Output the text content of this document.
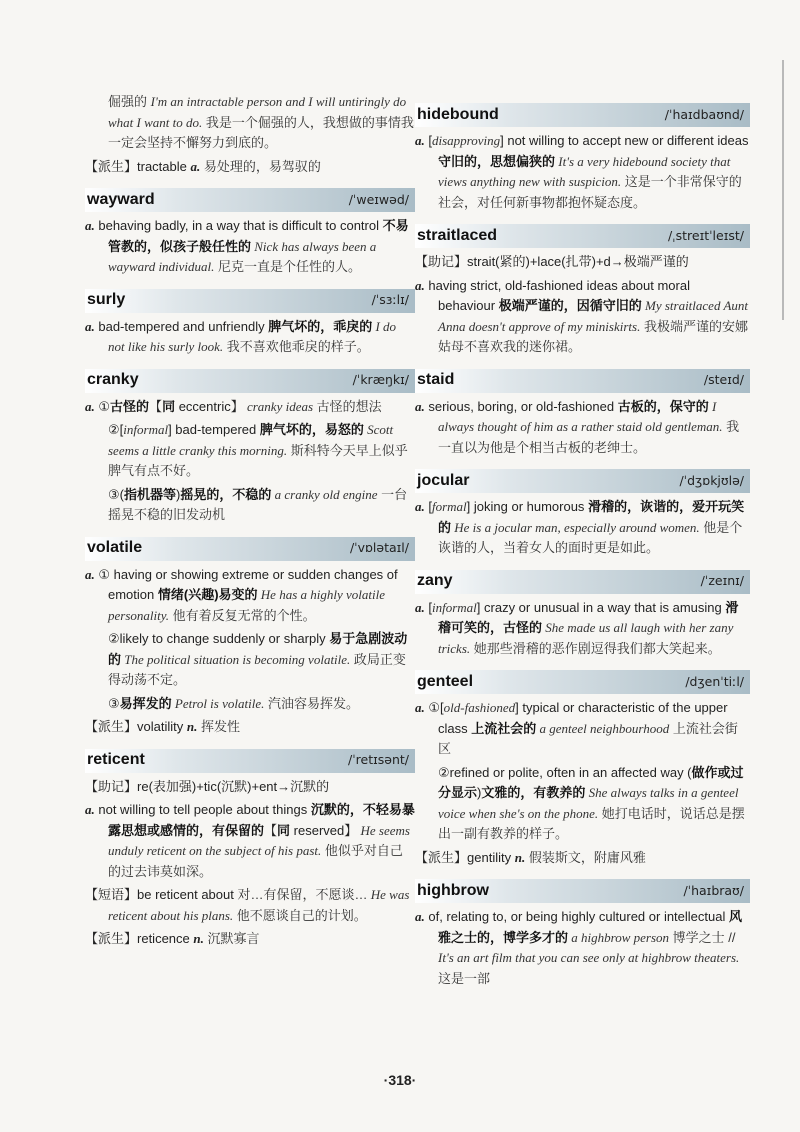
倔强的 I'm an intractable person and I will untiringly do what I want to do. 我是一个倔强的人，我想做的事情我一定会坚持不懈努力到底的。

【派生】tractable a. 易处理的，易驾驭的

wayward	/ˈweɪwəd/

a. behaving badly, in a way that is difficult to control 不易管教的，似孩子般任性的 Nick has always been a wayward individual. 尼克一直是个任性的人。

surly	/ˈsɜːlɪ/

a. bad-tempered and unfriendly 脾气坏的，乖戾的 I do not like his surly look. 我不喜欢他乖戾的样子。

cranky	/ˈkræŋkɪ/

a. ①古怪的【同 eccentric】 cranky ideas 古怪的想法

②[informal] bad-tempered 脾气坏的，易怒的 Scott seems a little cranky this morning. 斯科特今天早上似乎脾气有点不好。

③(指机器等)摇晃的，不稳的 a cranky old engine 一台摇晃不稳的旧发动机

volatile	/ˈvɒlətaɪl/

a. ① having or showing extreme or sudden changes of emotion 情绪(兴趣)易变的 He has a highly volatile personality. 他有着反复无常的个性。

②likely to change suddenly or sharply 易于急剧波动的 The political situation is becoming volatile. 政局正变得动荡不定。

③易挥发的 Petrol is volatile. 汽油容易挥发。

【派生】volatility n. 挥发性

reticent	/ˈretɪsənt/

【助记】re(表加强)+tic(沉默)+ent→沉默的

a. not willing to tell people about things 沉默的，不轻易暴露思想或感情的，有保留的【同 reserved】 He seems unduly reticent on the subject of his past. 他似乎对自己的过去讳莫如深。

【短语】be reticent about 对…有保留，不愿谈… He was reticent about his plans. 他不愿谈自己的计划。

【派生】reticence n. 沉默寡言

hidebound	/ˈhaɪdbaʊnd/

a. [disapproving] not willing to accept new or different ideas 守旧的，思想偏狭的 It's a very hidebound society that views anything new with suspicion. 这是一个非常保守的社会，对任何新事物都抱怀疑态度。

straitlaced	/ˌstreɪtˈleɪst/

【助记】strait(紧的)+lace(扎带)+d→极端严谨的

a. having strict, old-fashioned ideas about moral behaviour 极端严谨的，因循守旧的 My straitlaced Aunt Anna doesn't approve of my miniskirts. 我极端严谨的安娜姑母不喜欢我的迷你裙。

staid	/steɪd/

a. serious, boring, or old-fashioned 古板的，保守的 I always thought of him as a rather staid old gentleman. 我一直以为他是个相当古板的老绅士。

jocular	/ˈdʒɒkjʊlə/

a. [formal] joking or humorous 滑稽的，诙谐的，爱开玩笑的 He is a jocular man, especially around women. 他是个诙谐的人，当着女人的面时更是如此。

zany	/ˈzeɪnɪ/

a. [informal] crazy or unusual in a way that is amusing 滑稽可笑的，古怪的 She made us all laugh with her zany tricks. 她那些滑稽的恶作剧逗得我们都大笑起来。

genteel	/dʒenˈtiːl/

a. ①[old-fashioned] typical or characteristic of the upper class 上流社会的 a genteel neighbourhood 上流社会街区

②refined or polite, often in an affected way (做作或过分显示)文雅的，有教养的 She always talks in a genteel voice when she's on the phone. 她打电话时，说话总是摆出一副有教养的样子。

【派生】gentility n. 假装斯文，附庸风雅

highbrow	/ˈhaɪbraʊ/

a. of, relating to, or being highly cultured or intellectual 风雅之士的，博学多才的 a highbrow person 博学之士 // It's an art film that you can see only at highbrow theaters. 这是一部

·318·
